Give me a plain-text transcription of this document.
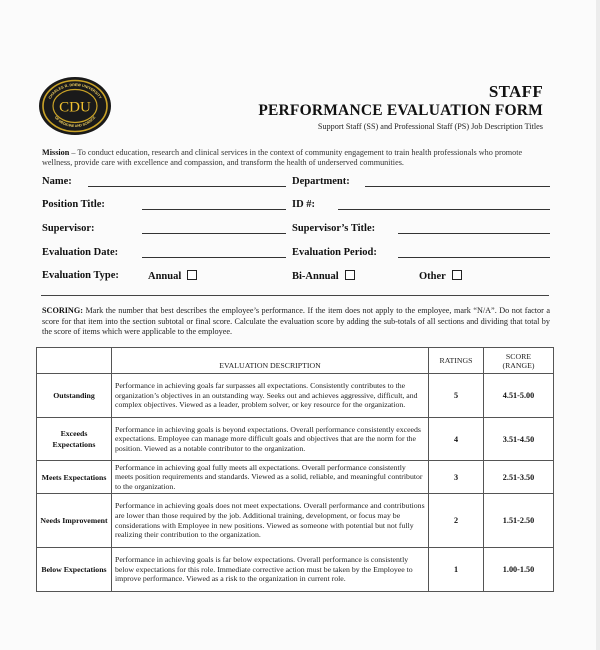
CHARLES R. DREW UNIVERSITY
OF MEDICINE AND SCIENCE
CDU
STAFF
PERFORMANCE EVALUATION FORM
Support Staff (SS) and Professional Staff (PS) Job Description Titles
Mission – To conduct education, research and clinical services in the context of community engagement to train health professionals who promote wellness, provide care with excellence and compassion, and transform the health of underserved communities.
Name:	Department:
Position Title:	ID #:
Supervisor:	Supervisor’s Title:
Evaluation Date:	Evaluation Period:
Evaluation Type:	Annual	Bi-Annual	Other
SCORING: Mark the number that best describes the employee’s performance. If the item does not apply to the employee, mark “N/A”. Do not factor a score for that item into the section subtotal or final score. Calculate the evaluation score by adding the sub-totals of all sections and dividing that total by the score of items which were applicable to the employee.
	EVALUATION DESCRIPTION	RATINGS	SCORE
(RANGE)
Outstanding	Performance in achieving goals far surpasses all expectations. Consistently contributes to the organization’s objectives in an outstanding way. Seeks out and achieves aggressive, difficult, and complex objectives. Viewed as a leader, problem solver, or key resource for the organization.	5	4.51-5.00
Exceeds Expectations	Performance in achieving goals is beyond expectations. Overall performance consistently exceeds expectations. Employee can manage more difficult goals and objectives that are the norm for the position. Viewed as a notable contributor to the organization.	4	3.51-4.50
Meets Expectations	Performance in achieving goal fully meets all expectations. Overall performance consistently meets position requirements and standards. Viewed as a solid, reliable, and meaningful contributor to the organization.	3	2.51-3.50
Needs Improvement	Performance in achieving goals does not meet expectations. Overall performance and contributions are lower than those required by the job. Additional training, development, or focus may be considerations with Employee in new positions. Viewed as someone with potential but not fully realizing their contribution to the organization.	2	1.51-2.50
Below Expectations	Performance in achieving goals is far below expectations. Overall performance is consistently below expectations for this role. Immediate corrective action must be taken by the Employee to improve performance. Viewed as a risk to the organization in current role.	1	1.00-1.50
